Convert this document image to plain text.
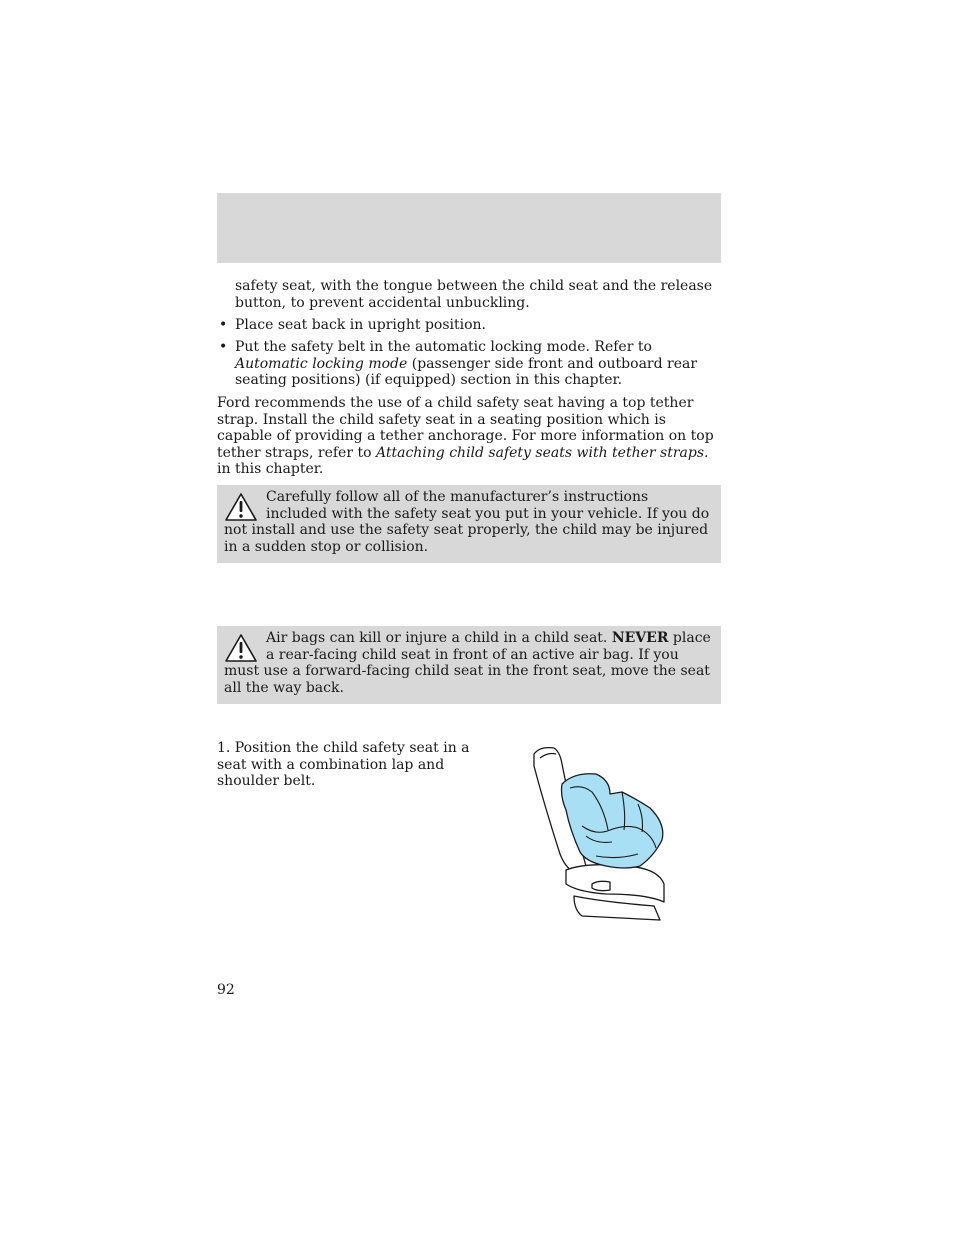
safety seat, with the tongue between the child seat and the release button, to prevent accidental unbuckling.
• Place seat back in upright position.
• Put the safety belt in the automatic locking mode. Refer to Automatic locking mode (passenger side front and outboard rear seating positions) (if equipped) section in this chapter.
Ford recommends the use of a child safety seat having a top tether strap. Install the child safety seat in a seating position which is capable of providing a tether anchorage. For more information on top tether straps, refer to Attaching child safety seats with tether straps. in this chapter.
Carefully follow all of the manufacturer’s instructions included with the safety seat you put in your vehicle. If you do not install and use the safety seat properly, the child may be injured in a sudden stop or collision.
Air bags can kill or injure a child in a child seat. NEVER place a rear-facing child seat in front of an active air bag. If you must use a forward-facing child seat in the front seat, move the seat all the way back.
1. Position the child safety seat in a seat with a combination lap and shoulder belt.
92
